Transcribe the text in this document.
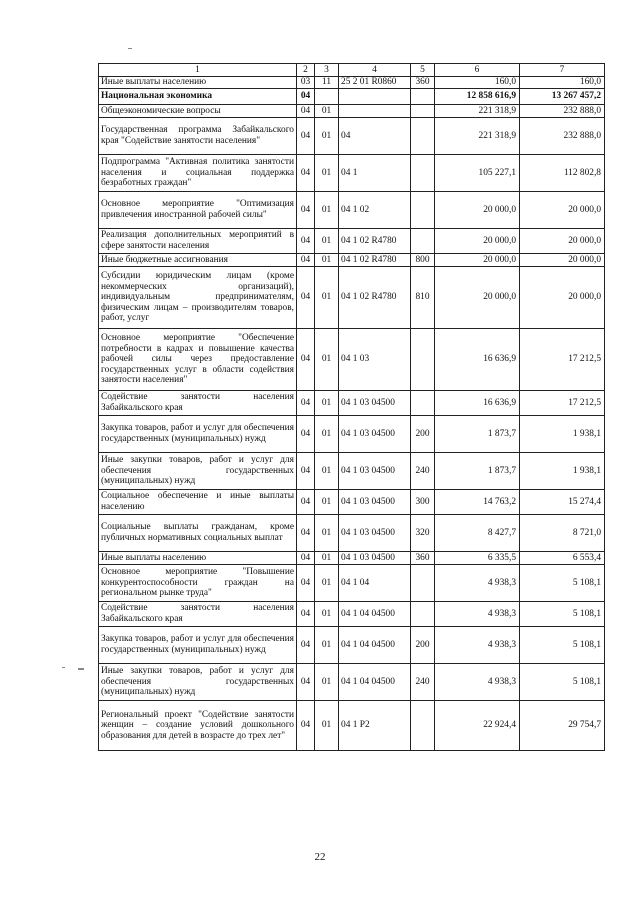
1	2	3	4	5	6	7
Иные выплаты населению	03	11	25 2 01 R0860	360	160,0	160,0
Национальная экономика	04				12 858 616,9	13 267 457,2
Общеэкономические вопросы	04	01			221 318,9	232 888,0
Государственная программа Забайкальского края "Содействие занятости населения"	04	01	04		221 318,9	232 888,0
Подпрограмма "Активная политика занятости населения и социальная поддержка безработных граждан"	04	01	04 1		105 227,1	112 802,8
Основное мероприятие "Оптимизация привлечения иностранной рабочей силы"	04	01	04 1 02		20 000,0	20 000,0
Реализация дополнительных мероприятий в сфере занятости населения	04	01	04 1 02 R4780		20 000,0	20 000,0
Иные бюджетные ассигнования	04	01	04 1 02 R4780	800	20 000,0	20 000,0
Субсидии юридическим лицам (кроме некоммерческих организаций), индивидуальным предпринимателям, физическим лицам – производителям товаров, работ, услуг	04	01	04 1 02 R4780	810	20 000,0	20 000,0
Основное мероприятие "Обеспечение потребности в кадрах и повышение качества рабочей силы через предоставление государственных услуг в области содействия занятости населения"	04	01	04 1 03		16 636,9	17 212,5
Содействие занятости населения Забайкальского края	04	01	04 1 03 04500		16 636,9	17 212,5
Закупка товаров, работ и услуг для обеспечения государственных (муниципальных) нужд	04	01	04 1 03 04500	200	1 873,7	1 938,1
Иные закупки товаров, работ и услуг для обеспечения государственных (муниципальных) нужд	04	01	04 1 03 04500	240	1 873,7	1 938,1
Социальное обеспечение и иные выплаты населению	04	01	04 1 03 04500	300	14 763,2	15 274,4
Социальные выплаты гражданам, кроме публичных нормативных социальных выплат	04	01	04 1 03 04500	320	8 427,7	8 721,0
Иные выплаты населению	04	01	04 1 03 04500	360	6 335,5	6 553,4
Основное мероприятие "Повышение конкурентоспособности граждан на региональном рынке труда"	04	01	04 1 04		4 938,3	5 108,1
Содействие занятости населения Забайкальского края	04	01	04 1 04 04500		4 938,3	5 108,1
Закупка товаров, работ и услуг для обеспечения государственных (муниципальных) нужд	04	01	04 1 04 04500	200	4 938,3	5 108,1
Иные закупки товаров, работ и услуг для обеспечения государственных (муниципальных) нужд	04	01	04 1 04 04500	240	4 938,3	5 108,1
Региональный проект "Содействие занятости женщин – создание условий дошкольного образования для детей в возрасте до трех лет"	04	01	04 1 P2		22 924,4	29 754,7
22
